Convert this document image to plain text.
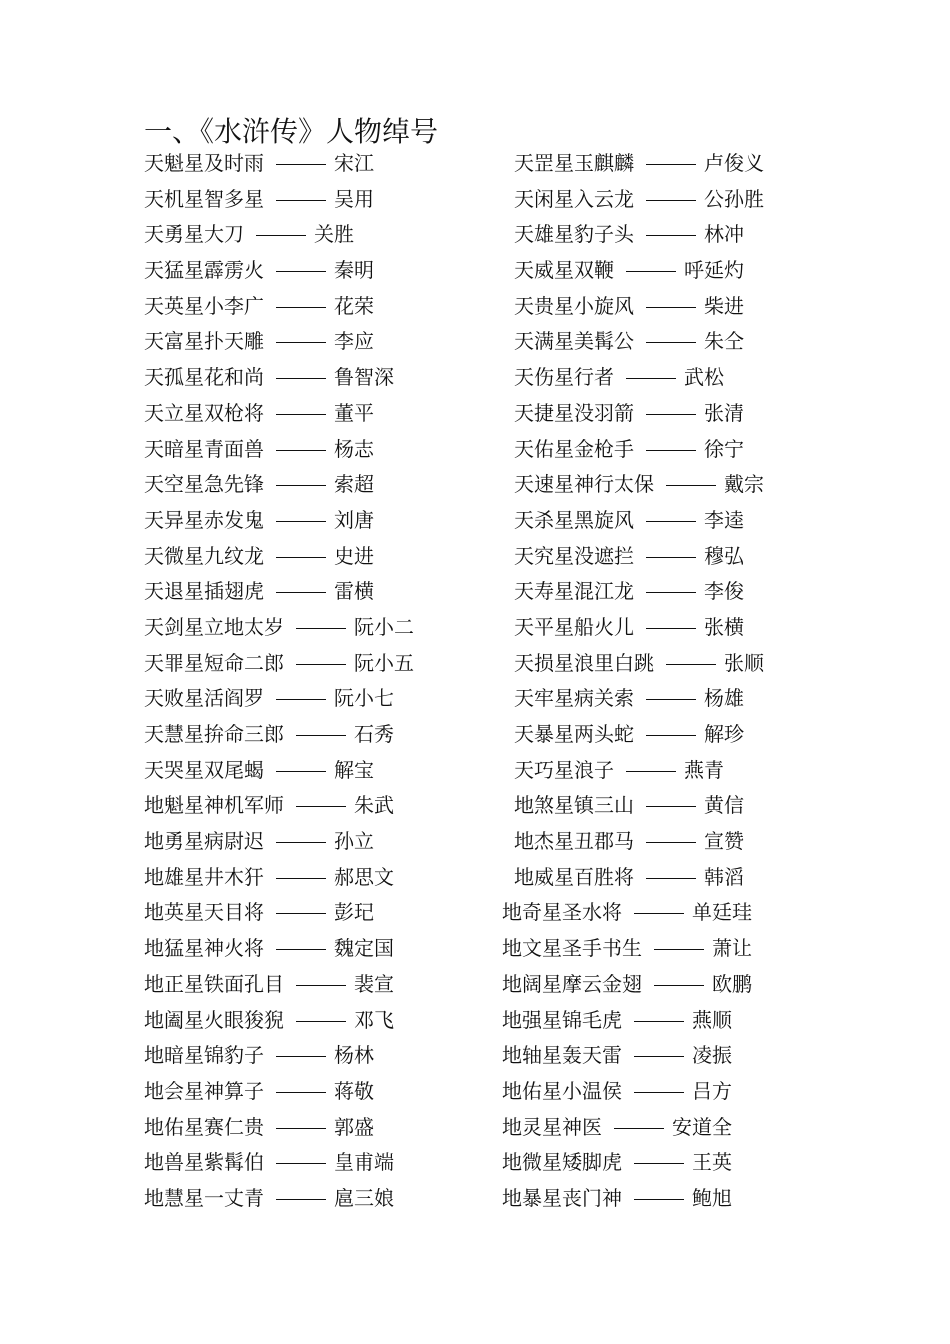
一、《水浒传》人物绰号
天魁星及时雨	宋江
天机星智多星	吴用
天勇星大刀	关胜
天猛星霹雳火	秦明
天英星小李广	花荣
天富星扑天雕	李应
天孤星花和尚	鲁智深
天立星双枪将	董平
天暗星青面兽	杨志
天空星急先锋	索超
天异星赤发鬼	刘唐
天微星九纹龙	史进
天退星插翅虎	雷横
天剑星立地太岁	阮小二
天罪星短命二郎	阮小五
天败星活阎罗	阮小七
天慧星拚命三郎	石秀
天哭星双尾蝎	解宝
地魁星神机军师	朱武
地勇星病尉迟	孙立
地雄星井木犴	郝思文
地英星天目将	彭玘
地猛星神火将	魏定国
地正星铁面孔目	裴宣
地阖星火眼狻猊	邓飞
地暗星锦豹子	杨林
地会星神算子	蒋敬
地佑星赛仁贵	郭盛
地兽星紫髯伯	皇甫端
地慧星一丈青	扈三娘
天罡星玉麒麟	卢俊义
天闲星入云龙	公孙胜
天雄星豹子头	林冲
天威星双鞭	呼延灼
天贵星小旋风	柴进
天满星美髯公	朱仝
天伤星行者	武松
天捷星没羽箭	张清
天佑星金枪手	徐宁
天速星神行太保	戴宗
天杀星黑旋风	李逵
天究星没遮拦	穆弘
天寿星混江龙	李俊
天平星船火儿	张横
天损星浪里白跳	张顺
天牢星病关索	杨雄
天暴星两头蛇	解珍
天巧星浪子	燕青
地煞星镇三山	黄信
地杰星丑郡马	宣赞
地威星百胜将	韩滔
地奇星圣水将	单廷珪
地文星圣手书生	萧让
地阔星摩云金翅	欧鹏
地强星锦毛虎	燕顺
地轴星轰天雷	凌振
地佑星小温侯	吕方
地灵星神医	安道全
地微星矮脚虎	王英
地暴星丧门神	鲍旭
